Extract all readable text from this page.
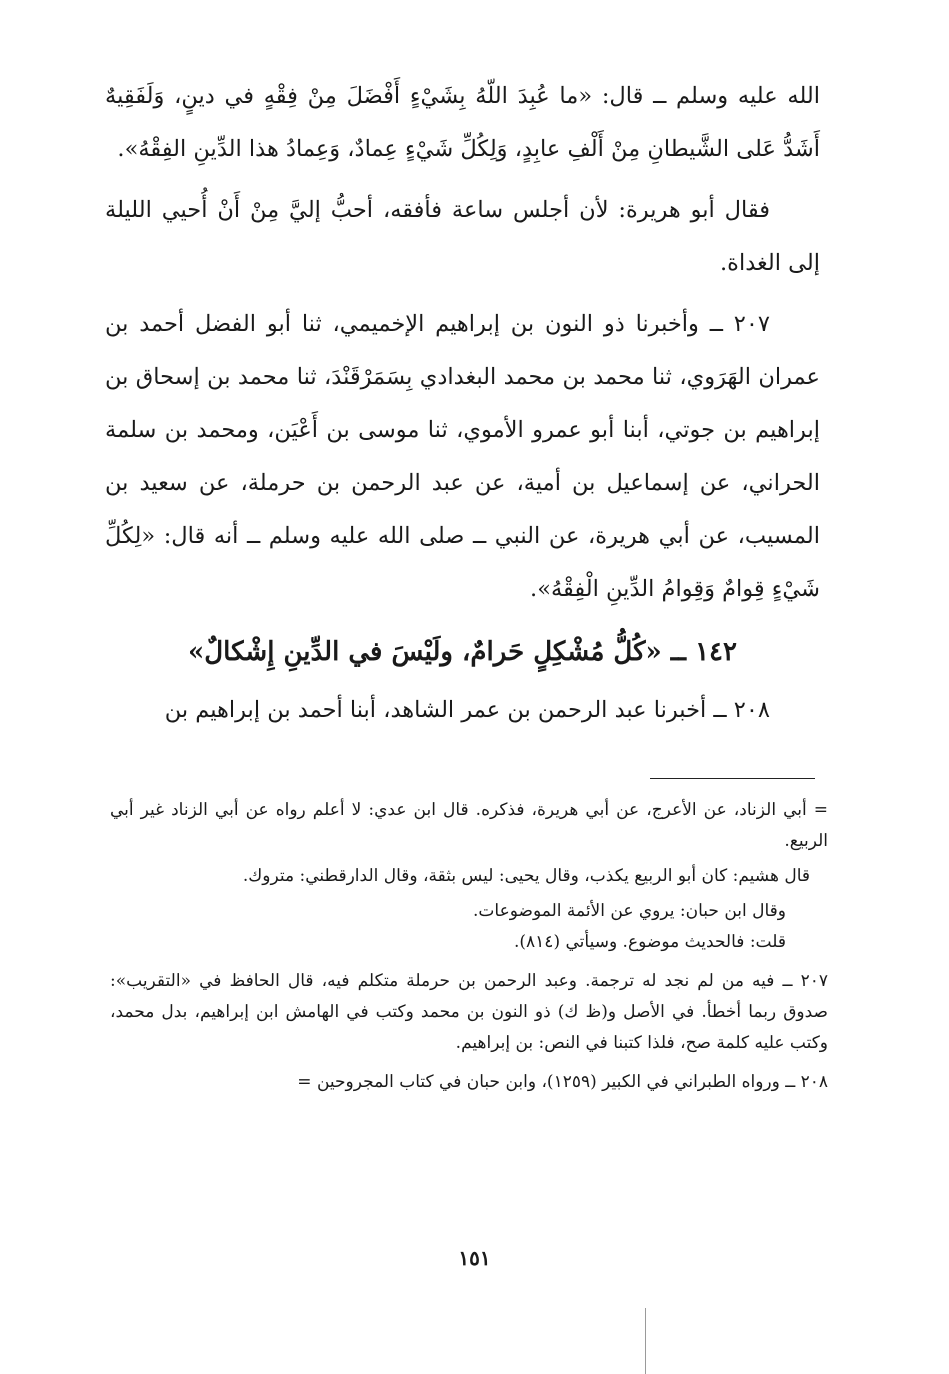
الله عليه وسلم ــ قال: «ما عُبِدَ اللّهُ بِشَيْءٍ أَفْضَلَ مِنْ فِقْهٍ في دينٍ، وَلَفَقِيهٌ أَشَدُّ عَلى الشَّيطانِ مِنْ أَلْفِ عابِدٍ، وَلِكُلِّ شَيْءٍ عِمادٌ، وَعِمادُ هذا الدِّينِ الفِقْهُ».

فقال أبو هريرة: لأن أجلس ساعة فأفقه، أحبُّ إليَّ مِنْ أَنْ أُحيي الليلة إلى الغداة.

٢٠٧ ــ وأخبرنا ذو النون بن إبراهيم الإخميمي، ثنا أبو الفضل أحمد بن عمران الهَرَوي، ثنا محمد بن محمد البغدادي بِسَمَرْقَنْدَ، ثنا محمد بن إسحاق بن إبراهيم بن جوتي، أبنا أبو عمرو الأموي، ثنا موسى بن أَعْيَن، ومحمد بن سلمة الحراني، عن إسماعيل بن أمية، عن عبد الرحمن بن حرملة، عن سعيد بن المسيب، عن أبي هريرة، عن النبي ــ صلى الله عليه وسلم ــ أنه قال: «لِكُلِّ شَيْءٍ قِوامٌ وَقِوامُ الدِّينِ الْفِقْهُ».

١٤٢ ــ «كُلُّ مُشْكِلٍ حَرامٌ، ولَيْسَ في الدِّينِ إِشْكالٌ»

٢٠٨ ــ أخبرنا عبد الرحمن بن عمر الشاهد، أبنا أحمد بن إبراهيم بن

= أبي الزناد، عن الأعرج، عن أبي هريرة، فذكره. قال ابن عدي: لا أعلم رواه عن أبي الزناد غير أبي الربيع.

قال هشيم: كان أبو الربيع يكذب، وقال يحيى: ليس بثقة، وقال الدارقطني: متروك.

وقال ابن حبان: يروي عن الأئمة الموضوعات.

قلت: فالحديث موضوع. وسيأتي (٨١٤).

٢٠٧ ــ فيه من لم نجد له ترجمة. وعبد الرحمن بن حرملة متكلم فيه، قال الحافظ في «التقريب»: صدوق ربما أخطأ. في الأصل و(ظ ك) ذو النون بن محمد وكتب في الهامش ابن إبراهيم، بدل محمد، وكتب عليه كلمة صح، فلذا كتبنا في النص: بن إبراهيم.

٢٠٨ ــ ورواه الطبراني في الكبير (١٢٥٩)، وابن حبان في كتاب المجروحين =

١٥١
